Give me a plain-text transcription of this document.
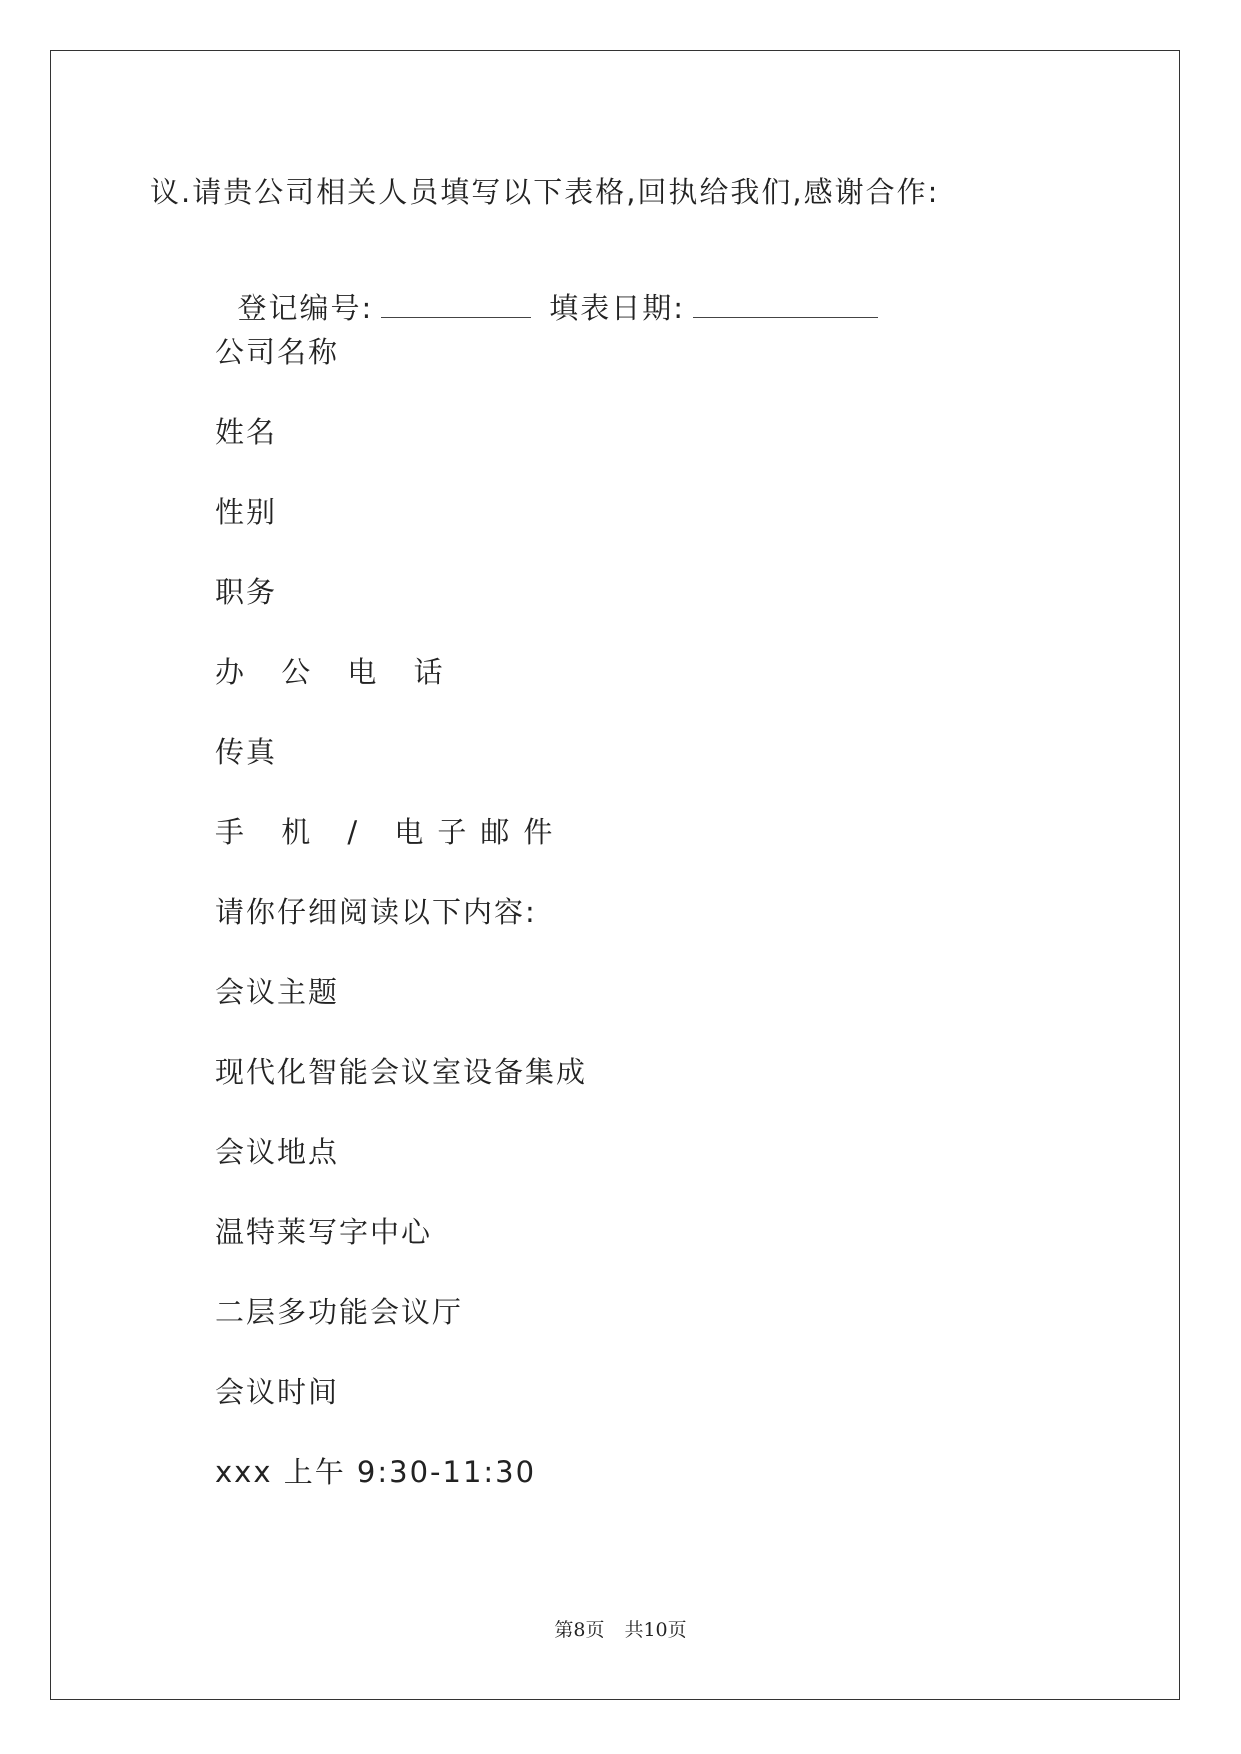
议.请贵公司相关人员填写以下表格,回执给我们,感谢合作:

登记编号:	填表日期:

公司名称
姓名
性别
职务
办 公 电 话
传真
手 机 / 电子邮件
请你仔细阅读以下内容:
会议主题
现代化智能会议室设备集成
会议地点
温特莱写字中心
二层多功能会议厅
会议时间
xxx 上午 9:30-11:30
第8页 共10页
